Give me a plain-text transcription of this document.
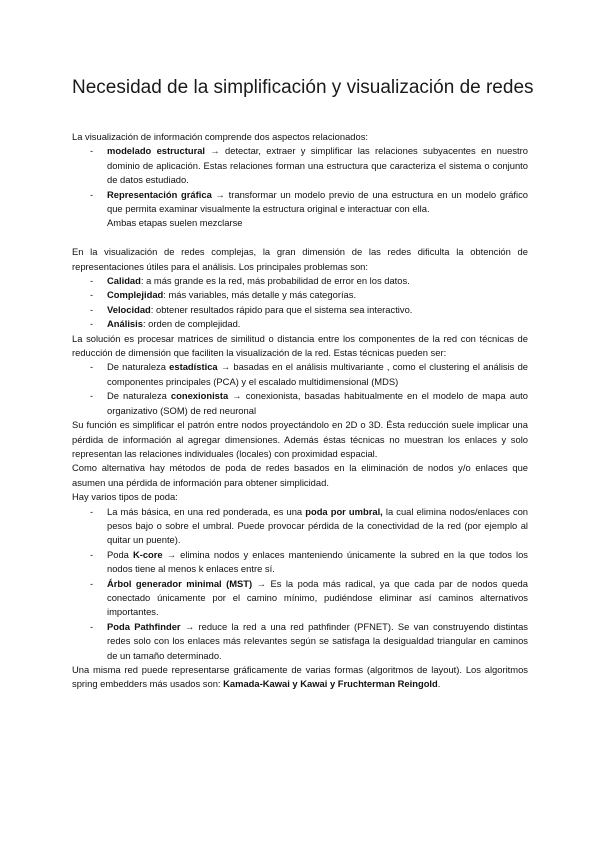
Necesidad de la simplificación y visualización de redes

La visualización de información comprende dos aspectos relacionados:

- modelado estructural → detectar, extraer y simplificar las relaciones subyacentes en nuestro dominio de aplicación. Estas relaciones forman una estructura que caracteriza el sistema o conjunto de datos estudiado.
- Representación gráfica → transformar un modelo previo de una estructura en un modelo gráfico que permita examinar visualmente la estructura original e interactuar con ella.
Ambas etapas suelen mezclarse

En la visualización de redes complejas, la gran dimensión de las redes dificulta la obtención de representaciones útiles para el análisis. Los principales problemas son:

- Calidad: a más grande es la red, más probabilidad de error en los datos.
- Complejidad: más variables, más detalle y más categorías.
- Velocidad: obtener resultados rápido para que el sistema sea interactivo.
- Análisis: orden de complejidad.

La solución es procesar matrices de similitud o distancia entre los componentes de la red con técnicas de reducción de dimensión que faciliten la visualización de la red. Estas técnicas pueden ser:

- De naturaleza estadística → basadas en el análisis multivariante , como el clustering el análisis de componentes principales (PCA) y el escalado multidimensional (MDS)
- De naturaleza conexionista → conexionista, basadas habitualmente en el modelo de mapa auto organizativo (SOM) de red neuronal

Su función es simplificar el patrón entre nodos proyectándolo en 2D o 3D. Ésta reducción suele implicar una pérdida de información al agregar dimensiones. Además éstas técnicas no muestran los enlaces y solo representan las relaciones individuales (locales) con proximidad espacial.

Como alternativa hay métodos de poda de redes basados en la eliminación de nodos y/o enlaces que asumen una pérdida de información para obtener simplicidad.

Hay varios tipos de poda:

- La más básica, en una red ponderada, es una poda por umbral, la cual elimina nodos/enlaces con pesos bajo o sobre el umbral. Puede provocar pérdida de la conectividad de la red (por ejemplo al quitar un puente).
- Poda K-core → elimina nodos y enlaces manteniendo únicamente la subred en la que todos los nodos tiene al menos k enlaces entre sí.
- Árbol generador minimal (MST) → Es la poda más radical, ya que cada par de nodos queda conectado únicamente por el camino mínimo, pudiéndose eliminar así caminos alternativos importantes.
- Poda Pathfinder → reduce la red a una red pathfinder (PFNET). Se van construyendo distintas redes solo con los enlaces más relevantes según se satisfaga la desigualdad triangular en caminos de un tamaño determinado.

Una misma red puede representarse gráficamente de varias formas (algoritmos de layout). Los algoritmos spring embedders más usados son: Kamada-Kawai y Kawai y Fruchterman Reingold.
